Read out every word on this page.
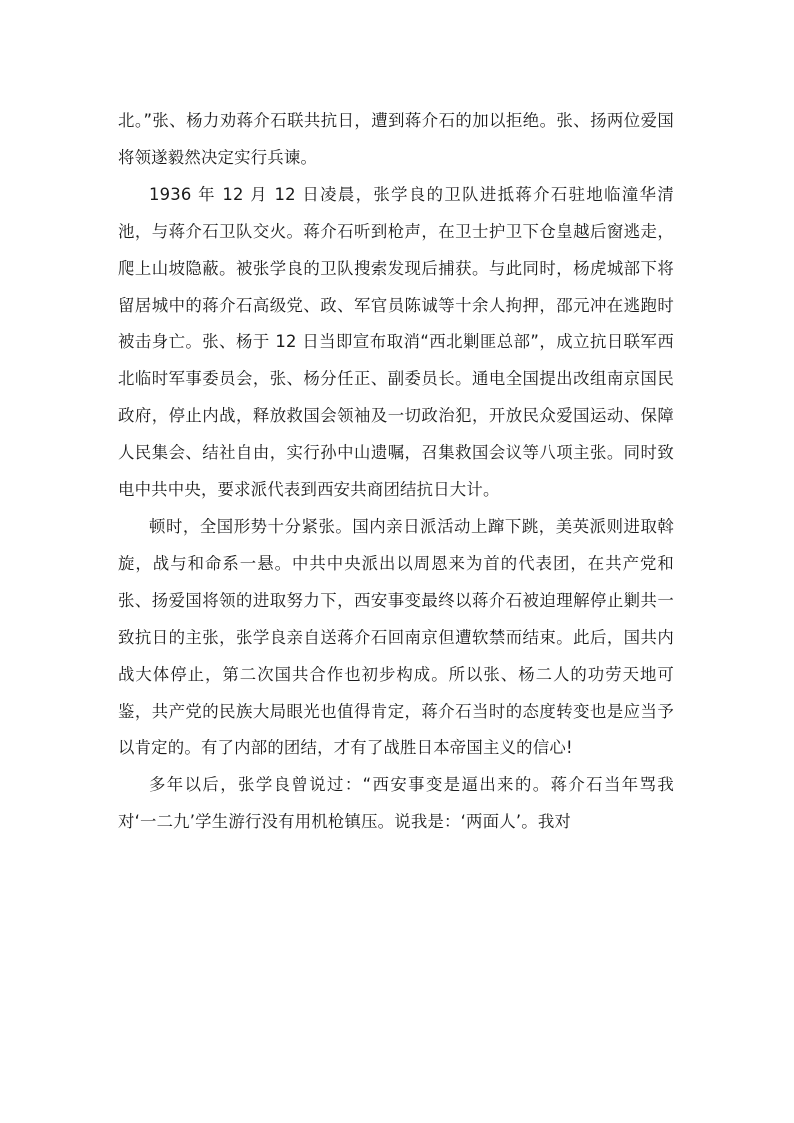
北。”张、杨力劝蒋介石联共抗日，遭到蒋介石的加以拒绝。张、扬两位爱国将领遂毅然决定实行兵谏。

1936 年 12 月 12 日凌晨，张学良的卫队进抵蒋介石驻地临潼华清池，与蒋介石卫队交火。蒋介石听到枪声，在卫士护卫下仓皇越后窗逃走，爬上山坡隐蔽。被张学良的卫队搜索发现后捕获。与此同时，杨虎城部下将留居城中的蒋介石高级党、政、军官员陈诚等十余人拘押，邵元冲在逃跑时被击身亡。张、杨于 12 日当即宣布取消“西北剿匪总部”，成立抗日联军西北临时军事委员会，张、杨分任正、副委员长。通电全国提出改组南京国民政府，停止内战，释放救国会领袖及一切政治犯，开放民众爱国运动、保障人民集会、结社自由，实行孙中山遗嘱，召集救国会议等八项主张。同时致电中共中央，要求派代表到西安共商团结抗日大计。

顿时，全国形势十分紧张。国内亲日派活动上蹿下跳，美英派则进取斡旋，战与和命系一悬。中共中央派出以周恩来为首的代表团，在共产党和张、扬爱国将领的进取努力下，西安事变最终以蒋介石被迫理解停止剿共一致抗日的主张，张学良亲自送蒋介石回南京但遭软禁而结束。此后，国共内战大体停止，第二次国共合作也初步构成。所以张、杨二人的功劳天地可鉴，共产党的民族大局眼光也值得肯定，蒋介石当时的态度转变也是应当予以肯定的。有了内部的团结，才有了战胜日本帝国主义的信心!

多年以后，张学良曾说过：“西安事变是逼出来的。蒋介石当年骂我对‘一二九’学生游行没有用机枪镇压。说我是：‘两面人’。我对
